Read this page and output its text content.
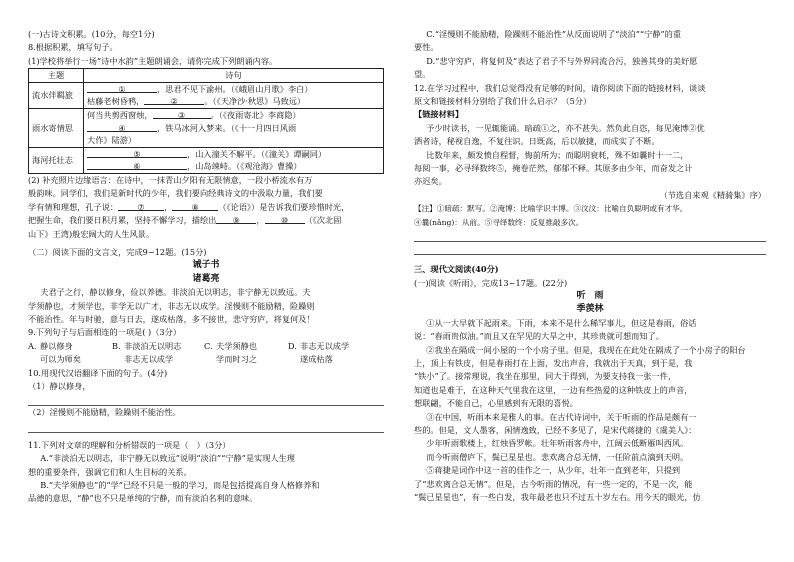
(一)古诗文积累。(10分，每空1分)
8.根据积累，填写句子。
(1)学校将举行一场“诗中水韵”主题朗诵会，请你完成下列朗诵内容。
主题	诗句
流水伴羁旅	① ，思君不见下渝州。（《峨眉山月歌》李白）
枯藤老树昏鸦， ② 。（《天净沙·秋思》马致远）

雨水寄情思	何当共剪西窗烛， ③ 。（《夜雨寄北》李商隐）
④ ，铁马冰河入梦来。（《十一月四日风雨
大作》陆游）

海河托壮志	⑤ ，山入潼关不解平。（《潼关》谭嗣同）
⑥ ，山岛竦峙。（《观沧海》曹操）
(2) 补充照片边缘语言：在诗中，一抹青山夕阳有无限情意，一段小桥流水有万
般韵味。同学们，我们是新时代的少年，我们要向经典诗文的中汲取力量，我们要
学有情和理想，孔子说： ⑦ ， ⑧ （《论语》）是告诉我们要珍惜时光，
把握生命，我们要日积月累，坚持不懈学习，描绘出 ⑨ ， ⑩ （《次北固
山下》王湾)般宏阔大的人生风景。
（二）阅读下面的文言文，完成9~12题。(15分)
诫子书
诸葛亮
夫君子之行，静以修身，俭以养德。非淡泊无以明志，非宁静无以致远。夫
学须静也，才须学也，非学无以广才，非志无以成学。淫慢则不能励精，险躁则
不能治性。年与时驰，意与日去，遂成枯落，多不接世，悲守穷庐，将复何及！
9.下列句子与后面相连的一项是( )（3分）
A. 静以修身	B. 非淡泊无以明志	C. 夫学须静也	D. 非志无以成学
可以为师矣	非志无以成学	学而时习之	遂成枯落
10.用现代汉语翻译下面的句子。(4分)
（1）静以修身，
（2）淫慢则不能励精，险躁则不能治性。
11.下列对文章的理解和分析错误的一项是（　）（3分）
A.“非淡泊无以明志，非宁静无以致远”说明“淡泊”“宁静”是实现人生理
想的重要条件，强调它们和人生目标的关系。
B.“夫学须静也”的“学”已经不只是一般的学习，而是包括提高自身人格修养和
品德的意思，“静”也不只是单纯的宁静，而有淡泊名利的意味。
C.“淫慢则不能励精，险躁则不能治性”从反面说明了“淡泊”“宁静”的重
要性。
D.“悲守穷庐，将复何及”表达了君子不与外界同流合污，独善其身的美好愿
望。
12.在学习过程中，我们总觉得没有足够的时间，请你阅读下面的链接材料，谈谈
原文和链接材料分别给了我们什么启示？（5分）
【链接材料】
予少时读书，一见辄能诵。暗疏①之，亦不甚失。然负此自恣，每见淹博②优
洒者诗，秘视自逸，不复往识。日既高，后以敏捷，而成实了不断。
比数年来，颇发愤自程督，悔前所为；而聪明衰耗，殊不如曩时十一二，
每阅一事，必寻绎数终⑤，掩卷茫然，郁郁不释。其原多由少年，而奋发之计
亦迟矣。
（节选自来观《精骑集》序）
【注】①暗疏：默写。②淹博：比喻学识丰博。③汶汶：比喻自负聪明或有才华。
④曩(nǎng)：从前。⑤寻绎数终：反复推敲多次。
三、现代文阅读(40分)
(一)阅读《听雨》，完成13~17题。(22分)
听　雨
季羡林
①从一大早就下起雨来。下雨，本来不是什么稀罕事儿，但这是春雨，俗话
说：“春雨贵似油。”而且又在罕见的大旱之中，其珍贵就可想而知了。
②我坐在隔成一间小屋的一个小房子里。但是，我现在在此处在隔成了一个小房子的阳台
上，顶上有铁皮，但是春雨打在上面，发出声音，我就出于天真，到于是，我
“铁小”了。接常理说，我坐在那里，同大于得到，为要支持我一张一件，
知道也是难于，在这种天气里我在这里，一边有些热爱的这种铁皮上的声音，
想联翩，不能自己，心里感到有无限的喜悦。
③在中国，听雨本来是雅人的事。在古代诗词中，关于听雨的作品是颇有一
些的。但是，文人墨客，闲情逸致，已经不多见了，是宋代蒋捷的《虞美人》：
少年听雨歌楼上，红烛昏罗帐。壮年听雨客舟中，江阔云低断雁叫西风。
而今听雨僧庐下，鬓已星星也。悲欢离合总无情，一任阶前点滴到天明。
⑤蒋捷是词作中这一首的佳作之一，从少年，壮年一直到老年，只提到
了“悲欢离合总无情”。但是，古今听雨的情况，有一些一定的，不是一次，能
“鬓已星星也”，有一些白发，我年最老也只不过五十岁左右。用今天的眼光，仿
